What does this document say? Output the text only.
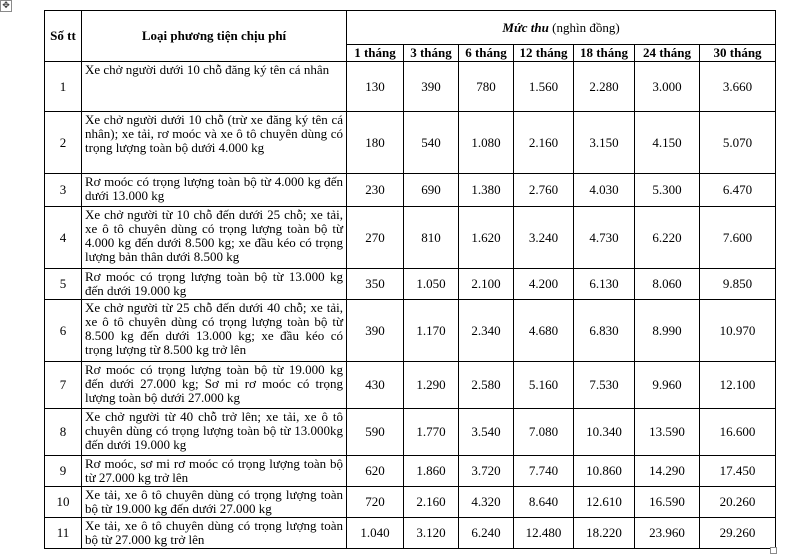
✥
Số tt	Loại phương tiện chịu phí	Mức thu (nghìn đồng)						
		1 tháng	3 tháng	6 tháng	12 tháng	18 tháng	24 tháng	30 tháng
1	Xe chở người dưới 10 chỗ đăng ký tên cá nhân	130	390	780	1.560	2.280	3.000	3.660
2	Xe chở người dưới 10 chỗ (trừ xe đăng ký tên cá nhân); xe tải, rơ moóc và xe ô tô chuyên dùng có trọng lượng toàn bộ dưới 4.000 kg	180	540	1.080	2.160	3.150	4.150	5.070
3	Rơ moóc có trọng lượng toàn bộ từ 4.000 kg đến dưới 13.000 kg	230	690	1.380	2.760	4.030	5.300	6.470
4	Xe chở người từ 10 chỗ đến dưới 25 chỗ; xe tải, xe ô tô chuyên dùng có trọng lượng toàn bộ từ 4.000 kg đến dưới 8.500 kg; xe đầu kéo có trọng lượng bản thân dưới 8.500 kg	270	810	1.620	3.240	4.730	6.220	7.600
5	Rơ moóc có trọng lượng toàn bộ từ 13.000 kg đến dưới 19.000 kg	350	1.050	2.100	4.200	6.130	8.060	9.850
6	Xe chở người từ 25 chỗ đến dưới 40 chỗ; xe tải, xe ô tô chuyên dùng có trọng lượng toàn bộ từ 8.500 kg đến dưới 13.000 kg; xe đầu kéo có trọng lượng từ 8.500 kg trở lên	390	1.170	2.340	4.680	6.830	8.990	10.970
7	Rơ moóc có trọng lượng toàn bộ từ 19.000 kg đến dưới 27.000 kg; Sơ mi rơ moóc có trọng lượng toàn bộ dưới 27.000 kg	430	1.290	2.580	5.160	7.530	9.960	12.100
8	Xe chở người từ 40 chỗ trở lên; xe tải, xe ô tô chuyên dùng có trọng lượng toàn bộ từ 13.000kg đến dưới 19.000 kg	590	1.770	3.540	7.080	10.340	13.590	16.600
9	Rơ moóc, sơ mi rơ moóc có trọng lượng toàn bộ từ 27.000 kg trở lên	620	1.860	3.720	7.740	10.860	14.290	17.450
10	Xe tải, xe ô tô chuyên dùng có trọng lượng toàn bộ từ 19.000 kg đến dưới 27.000 kg	720	2.160	4.320	8.640	12.610	16.590	20.260
11	Xe tải, xe ô tô chuyên dùng có trọng lượng toàn bộ từ 27.000 kg trở lên	1.040	3.120	6.240	12.480	18.220	23.960	29.260
